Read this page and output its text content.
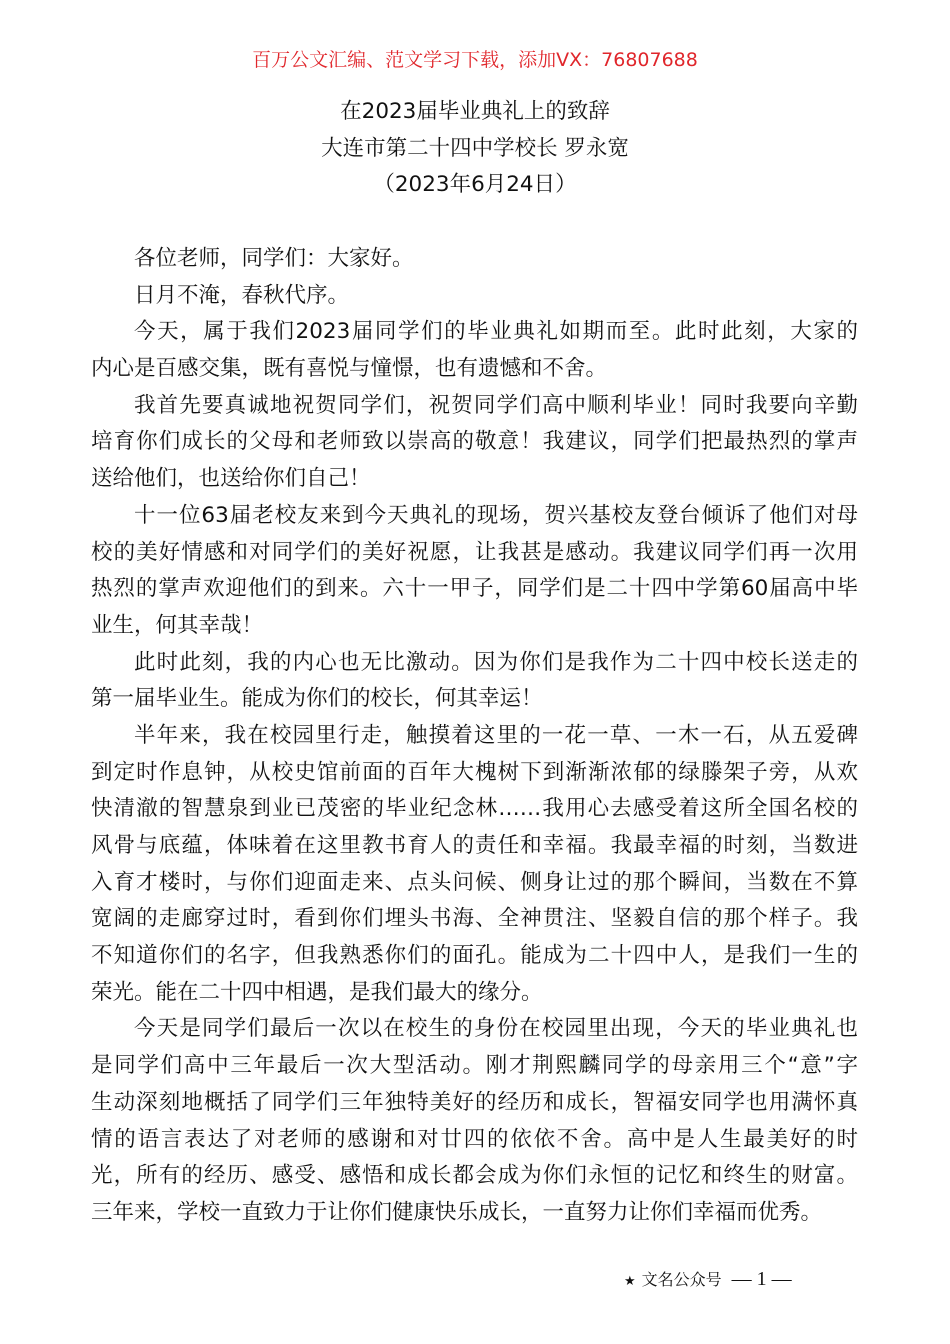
百万公文汇编、范文学习下载，添加VX：76807688
在2023届毕业典礼上的致辞
大连市第二十四中学校长 罗永宽
（2023年6月24日）
各位老师，同学们：大家好。
日月不淹，春秋代序。
今天，属于我们2023届同学们的毕业典礼如期而至。此时此刻，大家的
内心是百感交集，既有喜悦与憧憬，也有遗憾和不舍。
我首先要真诚地祝贺同学们，祝贺同学们高中顺利毕业！同时我要向辛勤
培育你们成长的父母和老师致以崇高的敬意！我建议，同学们把最热烈的掌声
送给他们，也送给你们自己！
十一位63届老校友来到今天典礼的现场，贺兴基校友登台倾诉了他们对母
校的美好情感和对同学们的美好祝愿，让我甚是感动。我建议同学们再一次用
热烈的掌声欢迎他们的到来。六十一甲子，同学们是二十四中学第60届高中毕
业生，何其幸哉！
此时此刻，我的内心也无比激动。因为你们是我作为二十四中校长送走的
第一届毕业生。能成为你们的校长，何其幸运！
半年来，我在校园里行走，触摸着这里的一花一草、一木一石，从五爱碑
到定时作息钟，从校史馆前面的百年大槐树下到渐渐浓郁的绿滕架子旁，从欢
快清澈的智慧泉到业已茂密的毕业纪念林……我用心去感受着这所全国名校的
风骨与底蕴，体味着在这里教书育人的责任和幸福。我最幸福的时刻，当数进
入育才楼时，与你们迎面走来、点头问候、侧身让过的那个瞬间，当数在不算
宽阔的走廊穿过时，看到你们埋头书海、全神贯注、坚毅自信的那个样子。我
不知道你们的名字，但我熟悉你们的面孔。能成为二十四中人，是我们一生的
荣光。能在二十四中相遇，是我们最大的缘分。
今天是同学们最后一次以在校生的身份在校园里出现，今天的毕业典礼也
是同学们高中三年最后一次大型活动。刚才荆熙麟同学的母亲用三个“意”字
生动深刻地概括了同学们三年独特美好的经历和成长，智福安同学也用满怀真
情的语言表达了对老师的感谢和对廿四的依依不舍。高中是人生最美好的时
光，所有的经历、感受、感悟和成长都会成为你们永恒的记忆和终生的财富。
三年来，学校一直致力于让你们健康快乐成长，一直努力让你们幸福而优秀。
★ 文名公众号 — 1 —
